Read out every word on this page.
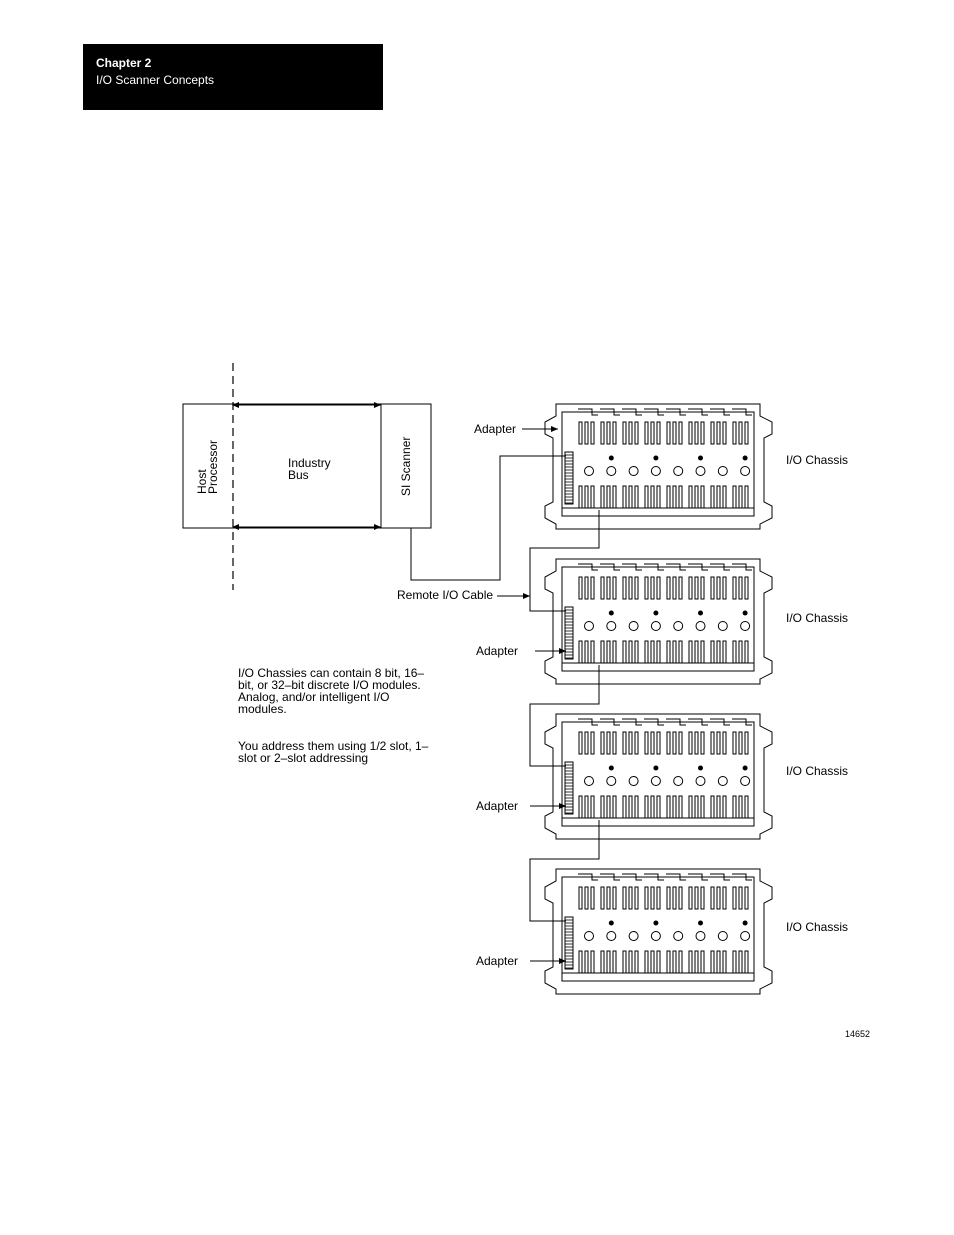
Chapter 2
I/O Scanner Concepts
Host
Processor	Industry
Bus	SI Scanner
Remote I/O Cable
Adapter
Adapter
Adapter
Adapter
I/O Chassis
I/O Chassis
I/O Chassis
I/O Chassis
14652
I/O Chassies can contain 8 bit, 16–bit, or 32–bit discrete I/O modules. Analog, and/or intelligent I/O modules.
You address them using 1/2 slot, 1–slot or 2–slot addressing
